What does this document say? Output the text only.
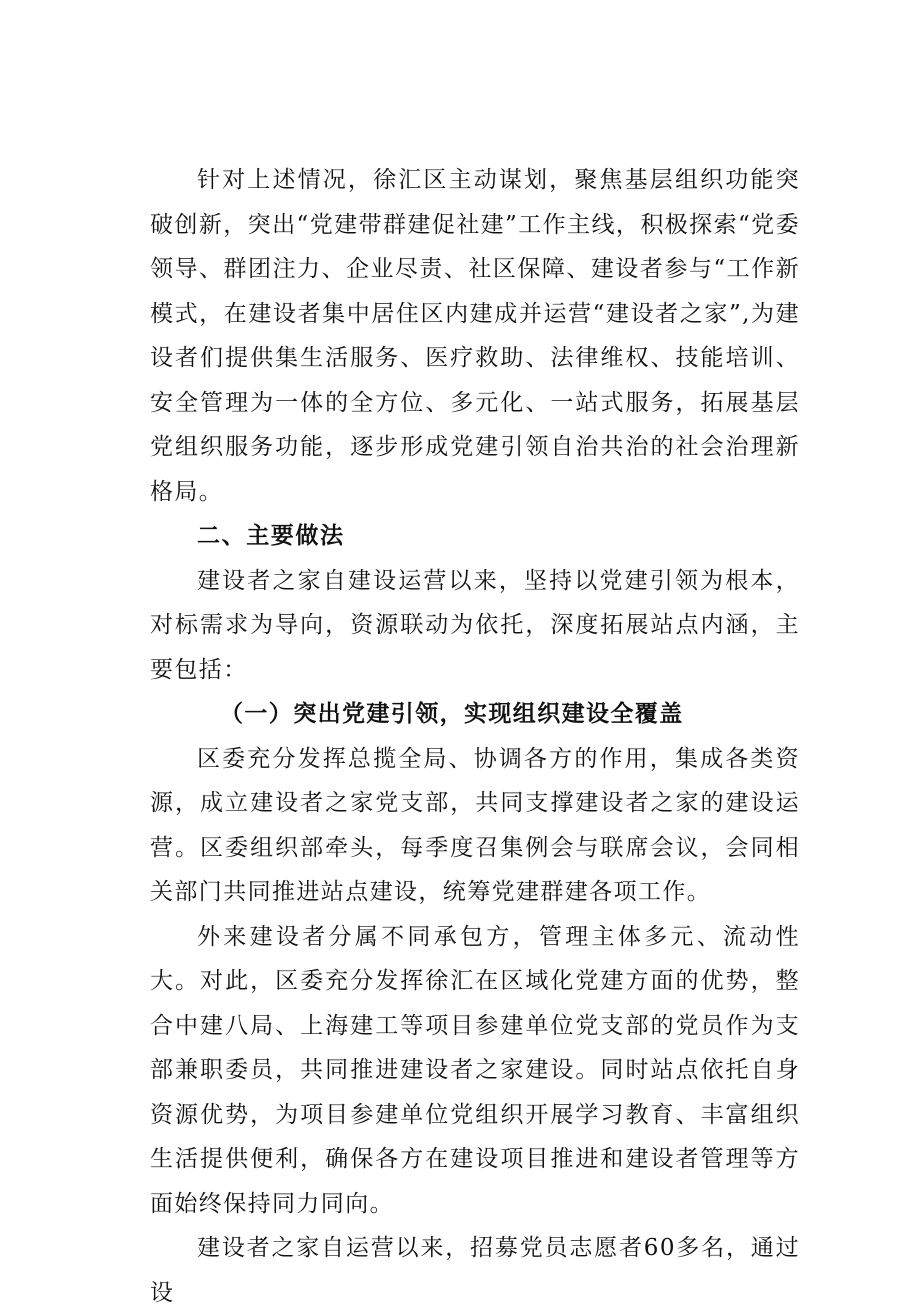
针对上述情况，徐汇区主动谋划，聚焦基层组织功能突破创新，突出“党建带群建促社建”工作主线，积极探索“党委领导、群团注力、企业尽责、社区保障、建设者参与“工作新模式，在建设者集中居住区内建成并运营“建设者之家”,为建设者们提供集生活服务、医疗救助、法律维权、技能培训、安全管理为一体的全方位、多元化、一站式服务，拓展基层党组织服务功能，逐步形成党建引领自治共治的社会治理新格局。

二、主要做法

建设者之家自建设运营以来，坚持以党建引领为根本，对标需求为导向，资源联动为依托，深度拓展站点内涵，主要包括：

（一）突出党建引领，实现组织建设全覆盖

区委充分发挥总揽全局、协调各方的作用，集成各类资源，成立建设者之家党支部，共同支撑建设者之家的建设运营。区委组织部牵头，每季度召集例会与联席会议，会同相关部门共同推进站点建设，统筹党建群建各项工作。

外来建设者分属不同承包方，管理主体多元、流动性大。对此，区委充分发挥徐汇在区域化党建方面的优势，整合中建八局、上海建工等项目参建单位党支部的党员作为支部兼职委员，共同推进建设者之家建设。同时站点依托自身资源优势，为项目参建单位党组织开展学习教育、丰富组织生活提供便利，确保各方在建设项目推进和建设者管理等方面始终保持同力同向。

建设者之家自运营以来，招募党员志愿者60多名，通过设
